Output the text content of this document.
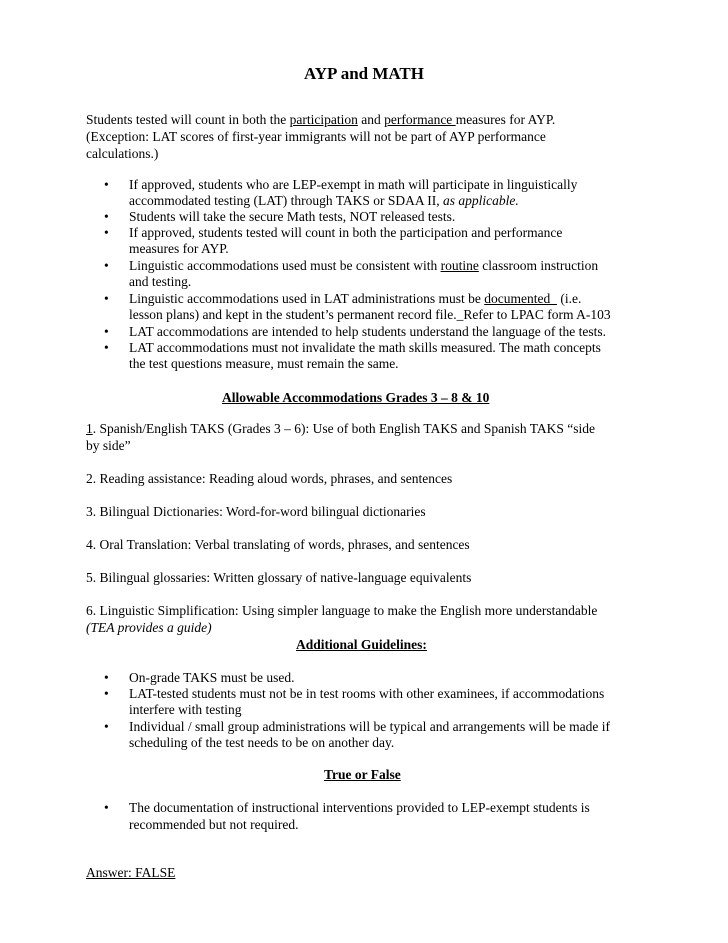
AYP and MATH
Students tested will count in both the participation and performance measures for AYP.
(Exception: LAT scores of first-year immigrants will not be part of AYP performance
calculations.)
• If approved, students who are LEP-exempt in math will participate in linguistically
accommodated testing (LAT) through TAKS or SDAA II, as applicable.
• Students will take the secure Math tests, NOT released tests.
• If approved, students tested will count in both the participation and performance
measures for AYP.
• Linguistic accommodations used must be consistent with routine classroom instruction
and testing.
• Linguistic accommodations used in LAT administrations must be documented   (i.e.
lesson plans) and kept in the student’s permanent record file._Refer to LPAC form A-103
• LAT accommodations are intended to help students understand the language of the tests.
• LAT accommodations must not invalidate the math skills measured. The math concepts
the test questions measure, must remain the same.
Allowable Accommodations Grades 3 – 8 & 10
1. Spanish/English TAKS (Grades 3 – 6): Use of both English TAKS and Spanish TAKS “side
by side”
2. Reading assistance: Reading aloud words, phrases, and sentences
3. Bilingual Dictionaries: Word-for-word bilingual dictionaries
4. Oral Translation: Verbal translating of words, phrases, and sentences
5. Bilingual glossaries: Written glossary of native-language equivalents
6. Linguistic Simplification: Using simpler language to make the English more understandable
(TEA provides a guide)
Additional Guidelines:
• On-grade TAKS must be used.
• LAT-tested students must not be in test rooms with other examinees, if accommodations
interfere with testing
• Individual / small group administrations will be typical and arrangements will be made if
scheduling of the test needs to be on another day.
True or False
• The documentation of instructional interventions provided to LEP-exempt students is
recommended but not required.
Answer: FALSE
